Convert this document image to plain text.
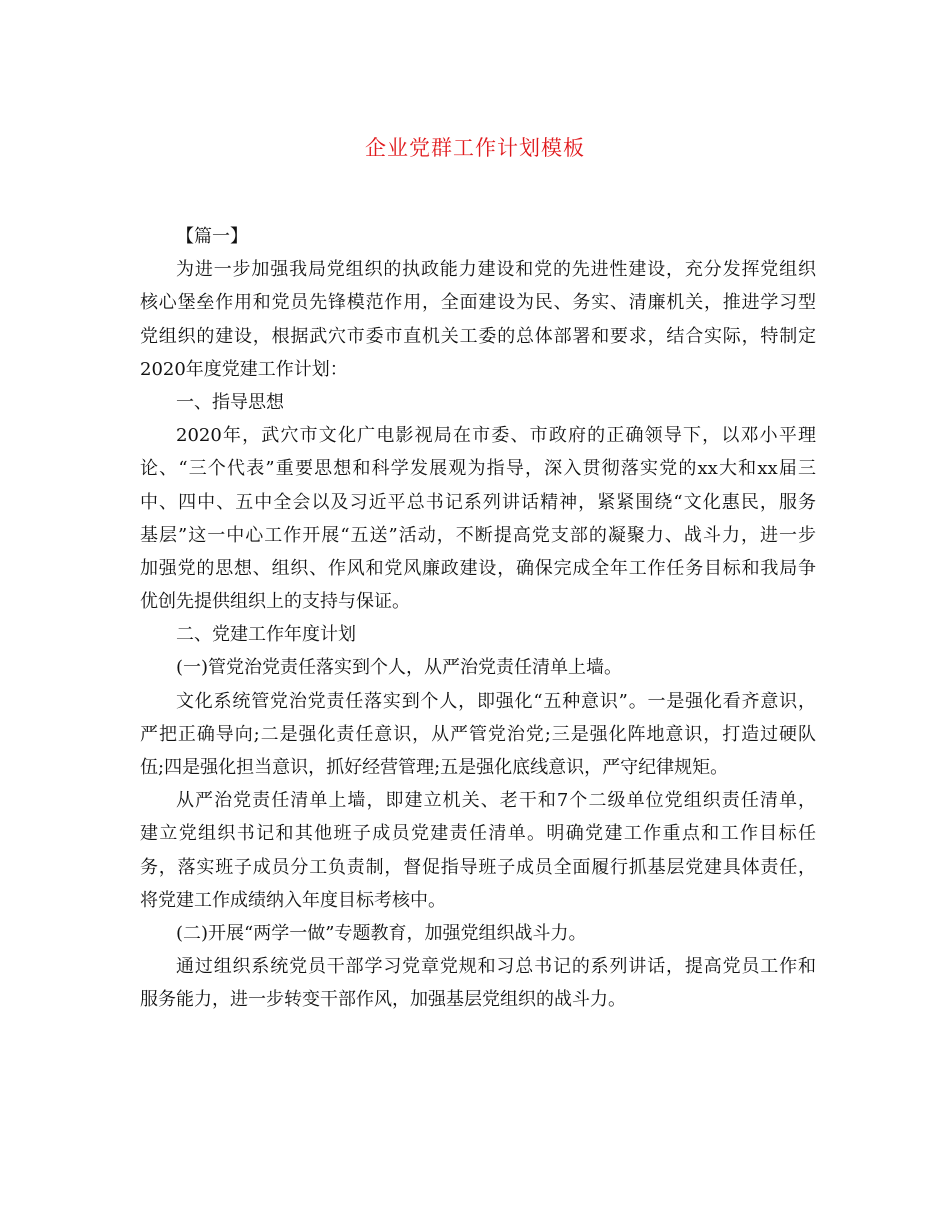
企业党群工作计划模板
【篇一】
为进一步加强我局党组织的执政能力建设和党的先进性建设，充分发挥党组织
核心堡垒作用和党员先锋模范作用，全面建设为民、务实、清廉机关，推进学习型
党组织的建设，根据武穴市委市直机关工委的总体部署和要求，结合实际，特制定
2020年度党建工作计划：
一、指导思想
2020年，武穴市文化广电影视局在市委、市政府的正确领导下，以邓小平理
论、“三个代表”重要思想和科学发展观为指导，深入贯彻落实党的xx大和xx届三
中、四中、五中全会以及习近平总书记系列讲话精神，紧紧围绕“文化惠民，服务
基层”这一中心工作开展“五送”活动，不断提高党支部的凝聚力、战斗力，进一步
加强党的思想、组织、作风和党风廉政建设，确保完成全年工作任务目标和我局争
优创先提供组织上的支持与保证。
二、党建工作年度计划
(一)管党治党责任落实到个人，从严治党责任清单上墙。
文化系统管党治党责任落实到个人，即强化“五种意识”。一是强化看齐意识，
严把正确导向;二是强化责任意识，从严管党治党;三是强化阵地意识，打造过硬队
伍;四是强化担当意识，抓好经营管理;五是强化底线意识，严守纪律规矩。
从严治党责任清单上墙，即建立机关、老干和7个二级单位党组织责任清单，
建立党组织书记和其他班子成员党建责任清单。明确党建工作重点和工作目标任
务，落实班子成员分工负责制，督促指导班子成员全面履行抓基层党建具体责任，
将党建工作成绩纳入年度目标考核中。
(二)开展“两学一做”专题教育，加强党组织战斗力。
通过组织系统党员干部学习党章党规和习总书记的系列讲话，提高党员工作和
服务能力，进一步转变干部作风，加强基层党组织的战斗力。
